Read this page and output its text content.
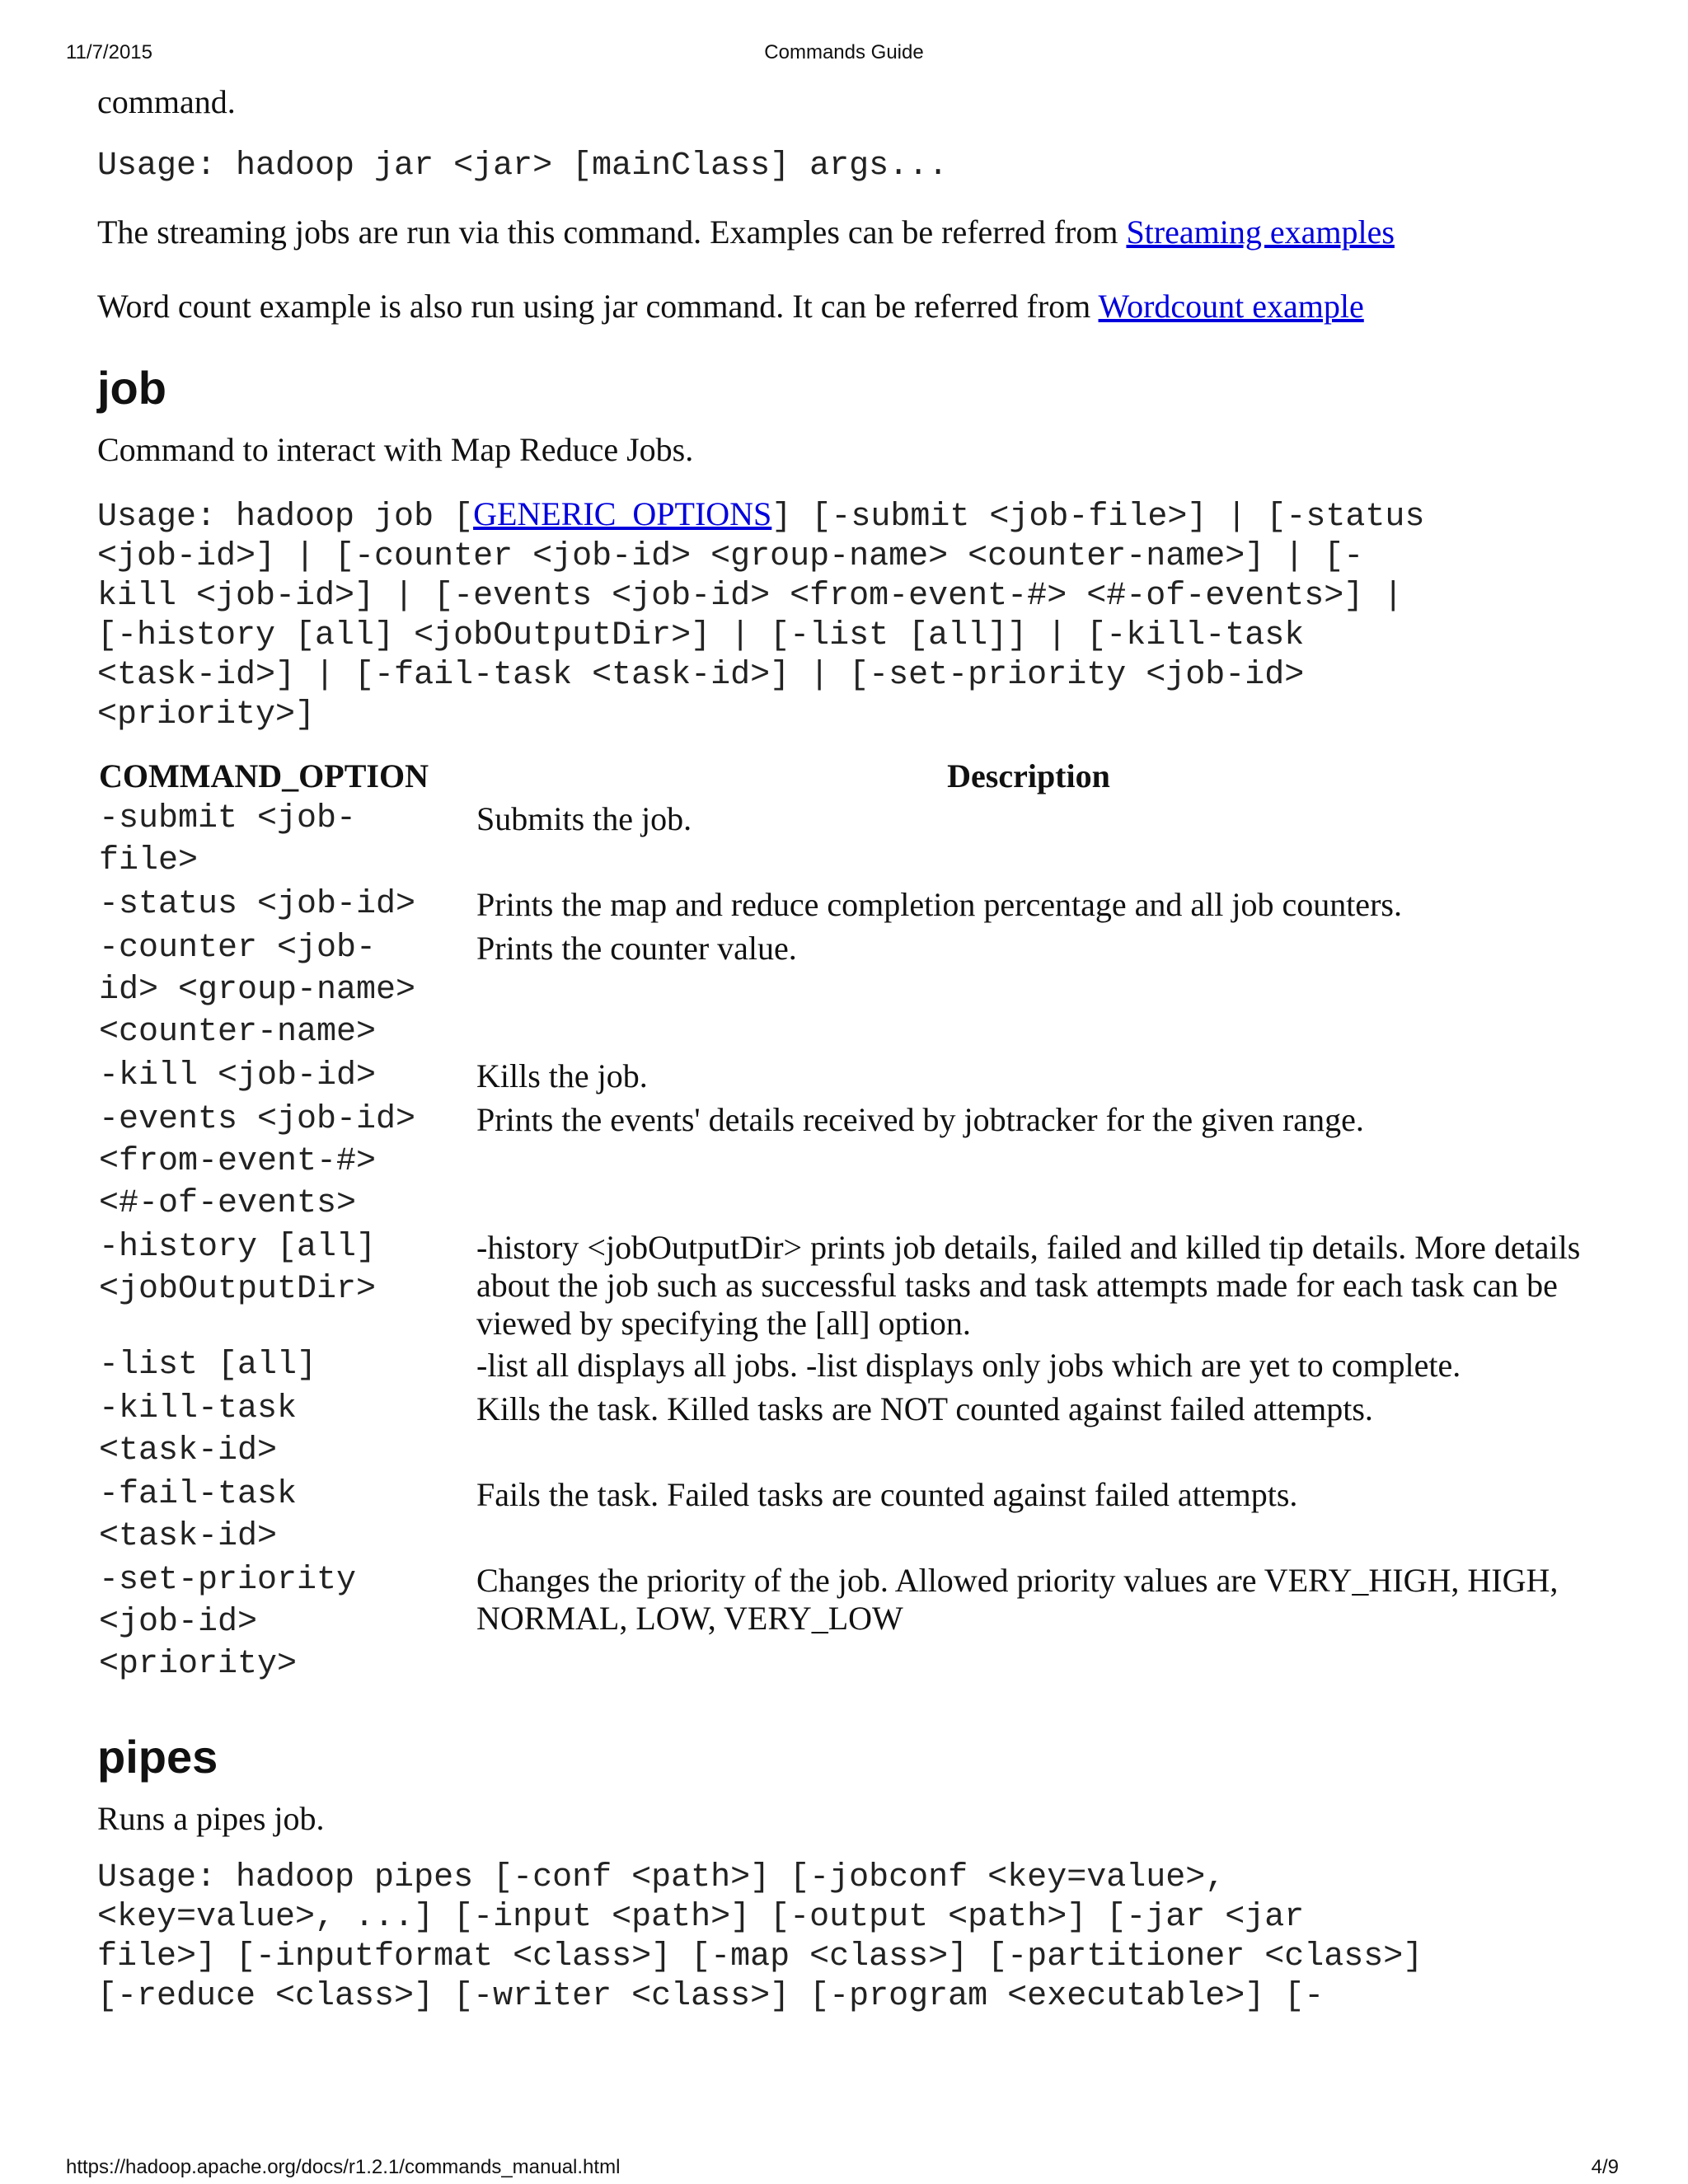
11/7/2015	Commands Guide

command.

Usage: hadoop jar <jar> [mainClass] args...

The streaming jobs are run via this command. Examples can be referred from Streaming examples

Word count example is also run using jar command. It can be referred from Wordcount example

job

Command to interact with Map Reduce Jobs.

Usage: hadoop job [GENERIC_OPTIONS] [-submit <job-file>] | [-status
<job-id>] | [-counter <job-id> <group-name> <counter-name>] | [-
kill <job-id>] | [-events <job-id> <from-event-#> <#-of-events>] |
[-history [all] <jobOutputDir>] | [-list [all]] | [-kill-task
<task-id>] | [-fail-task <task-id>] | [-set-priority <job-id>
<priority>]
COMMAND_OPTION	Description
-submit <job-
file>	Submits the job.
-status <job-id>	Prints the map and reduce completion percentage and all job counters.
-counter <job-
id> <group-name>
<counter-name>	Prints the counter value.
-kill <job-id>	Kills the job.
-events <job-id>
<from-event-#>
<#-of-events>	Prints the events' details received by jobtracker for the given range.
-history [all]
<jobOutputDir>	-history <jobOutputDir> prints job details, failed and killed tip details. More details about the job such as successful tasks and task attempts made for each task can be viewed by specifying the [all] option.
-list [all]	-list all displays all jobs. -list displays only jobs which are yet to complete.
-kill-task
<task-id>	Kills the task. Killed tasks are NOT counted against failed attempts.
-fail-task
<task-id>	Fails the task. Failed tasks are counted against failed attempts.
-set-priority
<job-id>
<priority>	Changes the priority of the job. Allowed priority values are VERY_HIGH, HIGH, NORMAL, LOW, VERY_LOW
pipes

Runs a pipes job.

Usage: hadoop pipes [-conf <path>] [-jobconf <key=value>,
<key=value>, ...] [-input <path>] [-output <path>] [-jar <jar
file>] [-inputformat <class>] [-map <class>] [-partitioner <class>]
[-reduce <class>] [-writer <class>] [-program <executable>] [-
https://hadoop.apache.org/docs/r1.2.1/commands_manual.html	4/9
